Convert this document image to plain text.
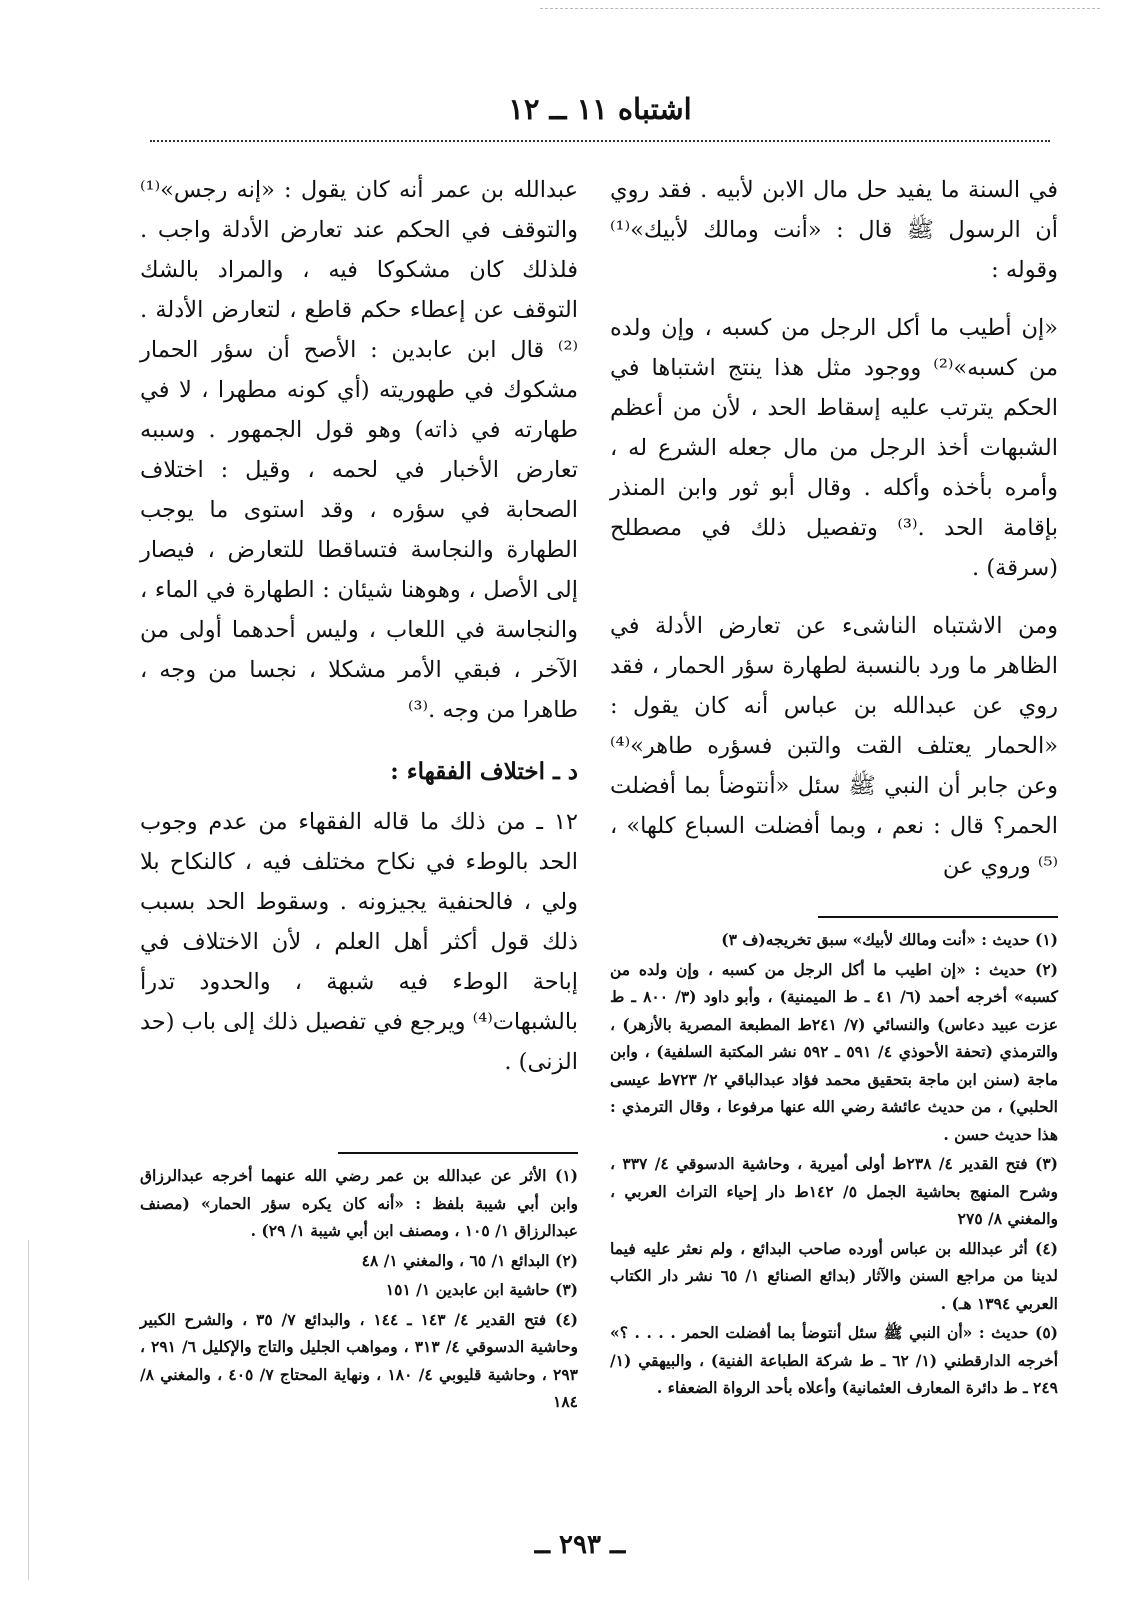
اشتباه ١١ ــ ١٢

في السنة ما يفيد حل مال الابن لأبيه . فقد روي أن الرسول ﷺ قال : «أنت ومالك لأبيك»⁽¹⁾ وقوله :

«إن أطيب ما أكل الرجل من كسبه ، وإن ولده من كسبه»⁽²⁾ ووجود مثل هذا ينتج اشتباها في الحكم يترتب عليه إسقاط الحد ، لأن من أعظم الشبهات أخذ الرجل من مال جعله الشرع له ، وأمره بأخذه وأكله . وقال أبو ثور وابن المنذر بإقامة الحد .⁽³⁾ وتفصيل ذلك في مصطلح (سرقة) .

ومن الاشتباه الناشىء عن تعارض الأدلة في الظاهر ما ورد بالنسبة لطهارة سؤر الحمار ، فقد روي عن عبدالله بن عباس أنه كان يقول : «الحمار يعتلف القت والتبن فسؤره طاهر»⁽⁴⁾ وعن جابر أن النبي ﷺ سئل «أنتوضأ بما أفضلت الحمر؟ قال : نعم ، وبما أفضلت السباع كلها» ،⁽⁵⁾ وروي عن

(١) حديث : «أنت ومالك لأبيك» سبق تخريجه(ف ٣)

(٢) حديث : «إن اطيب ما أكل الرجل من كسبه ، وإن ولده من كسبه» أخرجه أحمد (٦/ ٤١ ـ ط الميمنية) ، وأبو داود (٣/ ٨٠٠ ـ ط عزت عبيد دعاس) والنسائي (٧/ ٢٤١ط المطبعة المصرية بالأزهر) ، والترمذي (تحفة الأحوذي ٤/ ٥٩١ ـ ٥٩٢ نشر المكتبة السلفية) ، وابن ماجة (سنن ابن ماجة بتحقيق محمد فؤاد عبدالباقي ٢/ ٧٢٣ط عيسى الحلبي) ، من حديث عائشة رضي الله عنها مرفوعا ، وقال الترمذي : هذا حديث حسن .

(٣) فتح القدير ٤/ ٢٣٨ط أولى أميرية ، وحاشية الدسوقي ٤/ ٣٣٧ ، وشرح المنهج بحاشية الجمل ٥/ ١٤٢ط دار إحياء التراث العربي ، والمغني ٨/ ٢٧٥

(٤) أثر عبدالله بن عباس أورده صاحب البدائع ، ولم نعثر عليه فيما لدينا من مراجع السنن والآثار (بدائع الصنائع ١/ ٦٥ نشر دار الكتاب العربي ١٣٩٤ هـ) .

(٥) حديث : «أن النبي ﷺ سئل أنتوضأ بما أفضلت الحمر . . . . ؟» أخرجه الدارقطني (١/ ٦٢ ـ ط شركة الطباعة الفنية) ، والبيهقي (١/ ٢٤٩ ـ ط دائرة المعارف العثمانية) وأعلاه بأحد الرواة الضعفاء .

عبدالله بن عمر أنه كان يقول : «إنه رجس»⁽¹⁾ والتوقف في الحكم عند تعارض الأدلة واجب . فلذلك كان مشكوكا فيه ، والمراد بالشك التوقف عن إعطاء حكم قاطع ، لتعارض الأدلة .⁽²⁾ قال ابن عابدين : الأصح أن سؤر الحمار مشكوك في طهوريته (أي كونه مطهرا ، لا في طهارته في ذاته) وهو قول الجمهور . وسببه تعارض الأخبار في لحمه ، وقيل : اختلاف الصحابة في سؤره ، وقد استوى ما يوجب الطهارة والنجاسة فتساقطا للتعارض ، فيصار إلى الأصل ، وهوهنا شيئان : الطهارة في الماء ، والنجاسة في اللعاب ، وليس أحدهما أولى من الآخر ، فبقي الأمر مشكلا ، نجسا من وجه ، طاهرا من وجه .⁽³⁾

د ـ اختلاف الفقهاء :

١٢ ـ من ذلك ما قاله الفقهاء من عدم وجوب الحد بالوطء في نكاح مختلف فيه ، كالنكاح بلا ولي ، فالحنفية يجيزونه . وسقوط الحد بسبب ذلك قول أكثر أهل العلم ، لأن الاختلاف في إباحة الوطء فيه شبهة ، والحدود تدرأ بالشبهات⁽⁴⁾ ويرجع في تفصيل ذلك إلى باب (حد الزنى) .

(١) الأثر عن عبدالله بن عمر رضي الله عنهما أخرجه عبدالرزاق وابن أبي شيبة بلفظ : «أنه كان يكره سؤر الحمار» (مصنف عبدالرزاق ١/ ١٠٥ ، ومصنف ابن أبي شيبة ١/ ٢٩) .

(٢) البدائع ١/ ٦٥ ، والمغني ١/ ٤٨

(٣) حاشية ابن عابدين ١/ ١٥١

(٤) فتح القدير ٤/ ١٤٣ ـ ١٤٤ ، والبدائع ٧/ ٣٥ ، والشرح الكبير وحاشية الدسوقي ٤/ ٣١٣ ، ومواهب الجليل والتاج والإكليل ٦/ ٢٩١ ، ٢٩٣ ، وحاشية قليوبي ٤/ ١٨٠ ، ونهاية المحتاج ٧/ ٤٠٥ ، والمغني ٨/ ١٨٤

ــ ٢٩٣ ــ
